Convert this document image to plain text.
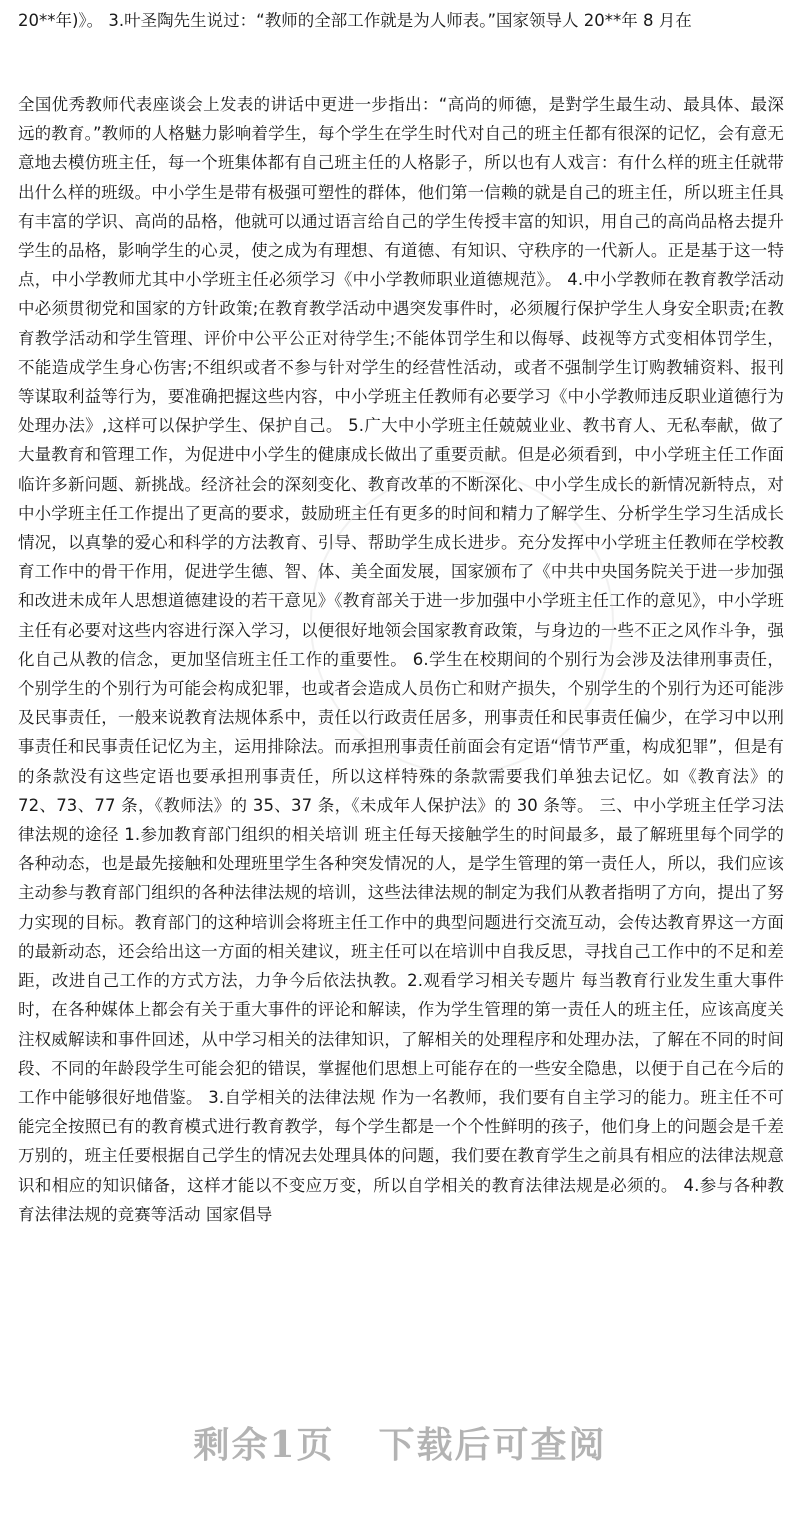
20**年)》。 3.叶圣陶先生说过：“教师的全部工作就是为人师表。”国家领导人 20**年 8 月在

全国优秀教师代表座谈会上发表的讲话中更进一步指出：“高尚的师德，是對学生最生动、最具体、最深远的教育。”教师的人格魅力影响着学生，每个学生在学生时代对自己的班主任都有很深的记忆，会有意无意地去模仿班主任，每一个班集体都有自己班主任的人格影子，所以也有人戏言：有什么样的班主任就带出什么样的班级。中小学生是带有极强可塑性的群体，他们第一信赖的就是自己的班主任，所以班主任具有丰富的学识、高尚的品格，他就可以通过语言给自己的学生传授丰富的知识，用自己的高尚品格去提升学生的品格，影响学生的心灵，使之成为有理想、有道德、有知识、守秩序的一代新人。正是基于这一特点，中小学教师尤其中小学班主任必须学习《中小学教师职业道德规范》。 4.中小学教师在教育教学活动中必须贯彻党和国家的方针政策;在教育教学活动中遇突发事件时，必须履行保护学生人身安全职责;在教育教学活动和学生管理、评价中公平公正对待学生;不能体罚学生和以侮辱、歧视等方式变相体罚学生，不能造成学生身心伤害;不组织或者不参与针对学生的经营性活动，或者不强制学生订购教辅资料、报刊等谋取利益等行为，要准确把握这些内容，中小学班主任教师有必要学习《中小学教师违反职业道德行为处理办法》,这样可以保护学生、保护自己。 5.广大中小学班主任兢兢业业、教书育人、无私奉献，做了大量教育和管理工作，为促进中小学生的健康成长做出了重要贡献。但是必须看到，中小学班主任工作面临许多新问题、新挑战。经济社会的深刻变化、教育改革的不断深化、中小学生成长的新情况新特点，对中小学班主任工作提出了更高的要求，鼓励班主任有更多的时间和精力了解学生、分析学生学习生活成长情况，以真挚的爱心和科学的方法教育、引导、帮助学生成长进步。充分发挥中小学班主任教师在学校教育工作中的骨干作用，促进学生德、智、体、美全面发展，国家颁布了《中共中央国务院关于进一步加强和改进未成年人思想道德建设的若干意见》《教育部关于进一步加强中小学班主任工作的意见》，中小学班主任有必要对这些内容进行深入学习，以便很好地领会国家教育政策，与身边的一些不正之风作斗争，强化自己从教的信念，更加坚信班主任工作的重要性。 6.学生在校期间的个别行为会涉及法律刑事责任，个别学生的个别行为可能会构成犯罪，也或者会造成人员伤亡和财产损失，个别学生的个别行为还可能涉及民事责任，一般来说教育法规体系中，责任以行政责任居多，刑事责任和民事责任偏少，在学习中以刑事责任和民事责任记忆为主，运用排除法。而承担刑事责任前面会有定语“情节严重，构成犯罪”，但是有的条款没有这些定语也要承担刑事责任，所以这样特殊的条款需要我们单独去记忆。如《教育法》的 72、73、77 条，《教师法》的 35、37 条，《未成年人保护法》的 30 条等。 三、中小学班主任学习法律法规的途径 1.参加教育部门组织的相关培训 班主任每天接触学生的时间最多，最了解班里每个同学的各种动态，也是最先接触和处理班里学生各种突发情况的人，是学生管理的第一责任人，所以，我们应该主动参与教育部门组织的各种法律法规的培训，这些法律法规的制定为我们从教者指明了方向，提出了努力实现的目标。教育部门的这种培训会将班主任工作中的典型问题进行交流互动，会传达教育界这一方面的最新动态，还会给出这一方面的相关建议，班主任可以在培训中自我反思，寻找自己工作中的不足和差距，改进自己工作的方式方法，力争今后依法执教。2.观看学习相关专题片 每当教育行业发生重大事件时，在各种媒体上都会有关于重大事件的评论和解读，作为学生管理的第一责任人的班主任，应该高度关注权威解读和事件回述，从中学习相关的法律知识，了解相关的处理程序和处理办法，了解在不同的时间段、不同的年龄段学生可能会犯的错误，掌握他们思想上可能存在的一些安全隐患，以便于自己在今后的工作中能够很好地借鉴。 3.自学相关的法律法规 作为一名教师，我们要有自主学习的能力。班主任不可能完全按照已有的教育模式进行教育教学，每个学生都是一个个性鲜明的孩子，他们身上的问题会是千差万别的，班主任要根据自己学生的情况去处理具体的问题，我们要在教育学生之前具有相应的法律法规意识和相应的知识储备，这样才能以不变应万变，所以自学相关的教育法律法规是必须的。 4.参与各种教育法律法规的竞赛等活动 国家倡导

剩余1页 下载后可查阅
